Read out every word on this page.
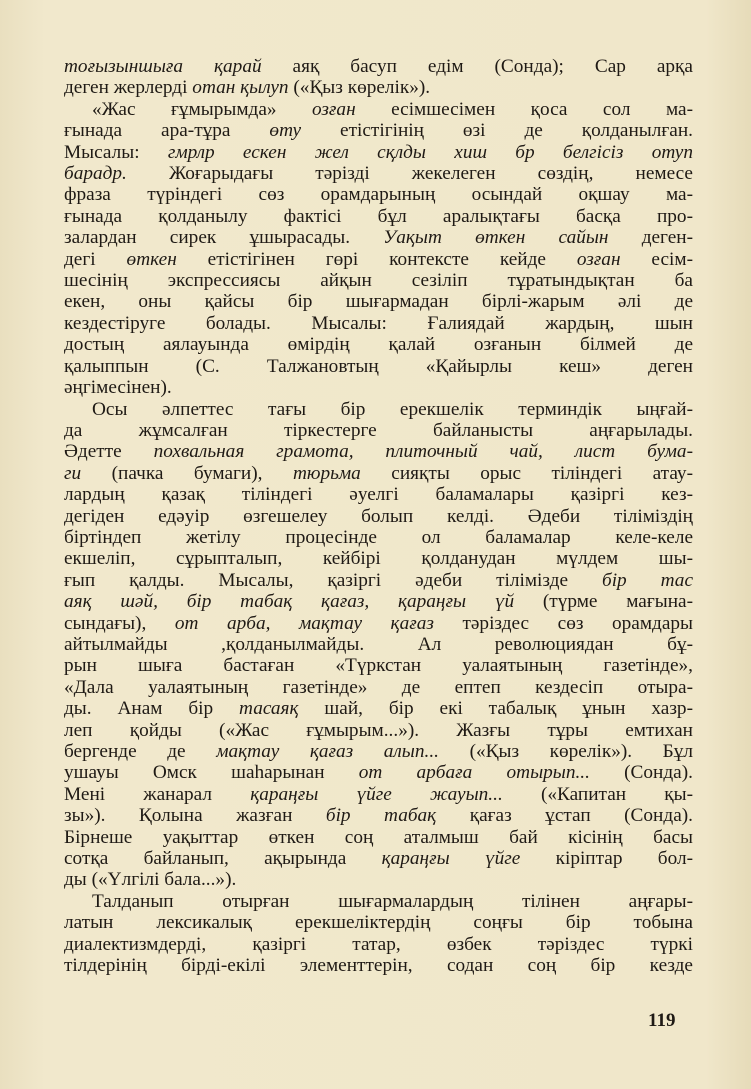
тоғызыншыға қарай аяқ басуп едім (Сонда); Сар арқа
деген жерлерді отан қылуп («Қыз көрелік»).
«Жас ғұмырымда» озған есімшесімен қоса сол ма-
ғынада ара-тұра өту етістігінің өзі де қолданылған.
Мысалы: гмрлр ескен жел сқлды хиш бр белгісіз отуп
барадр. Жоғарыдағы тәрізді жекелеген сөздің, немесе
фраза түріндегі сөз орамдарының осындай оқшау ма-
ғынада қолданылу фактісі бұл аралықтағы басқа про-
залардан сирек ұшырасады. Уақыт өткен сайын деген-
дегі өткен етістігінен гөрі контексте кейде озған есім-
шесінің экспрессиясы айқын сезіліп тұратындықтан ба
екен, оны қайсы бір шығармадан бірлі-жарым әлі де
кездестіруге болады. Мысалы: Ғалиядай жардың, шын
достың аялауында өмірдің қалай озғанын білмей де
қалыппын (С. Талжановтың «Қайырлы кеш» деген
әңгімесінен).
Осы әлпеттес тағы бір ерекшелік терминдік ыңғай-
да жұмсалған тіркестерге байланысты аңғарылады.
Әдетте похвальная грамота, плиточный чай, лист бума-
ги (пачка бумаги), тюрьма сияқты орыс тіліндегі атау-
лардың қазақ тіліндегі әуелгі баламалары қазіргі кез-
дегіден едәуір өзгешелеу болып келді. Әдеби тіліміздің
біртіндеп жетілу процесінде ол баламалар келе-келе
екшеліп, сұрыпталып, кейбірі қолданудан мүлдем шы-
ғып қалды. Мысалы, қазіргі әдеби тілімізде бір тас
аяқ шәй, бір табақ қағаз, қараңғы үй (түрме мағына-
сындағы), от арба, мақтау қағаз тәріздес сөз орамдары
айтылмайды ,қолданылмайды. Ал революциядан бұ-
рын шыға бастаған «Түркстан уалаятының газетінде»,
«Дала уалаятының газетінде» де ептеп кездесіп отыра-
ды. Анам бір тасаяқ шай, бір екі табалық ұнын хазр-
леп қойды («Жас ғұмырым...»). Жазғы тұры емтихан
бергенде де мақтау қағаз алып... («Қыз көрелік»). Бұл
ушауы Омск шаһарынан от арбаға отырып... (Сонда).
Мені жанарал қараңғы үйге жауып... («Капитан қы-
зы»). Қолына жазған бір табақ қағаз ұстап (Сонда).
Бірнеше уақыттар өткен соң аталмыш бай кісінің басы
сотқа байланып, ақырында қараңғы үйге кіріптар бол-
ды («Үлгілі бала...»).
Талданып отырған шығармалардың тілінен аңғары-
латын лексикалық ерекшеліктердің соңғы бір тобына
диалектизмдерді, қазіргі татар, өзбек тәріздес түркі
тілдерінің бірді-екілі элементтерін, содан соң бір кезде
119
